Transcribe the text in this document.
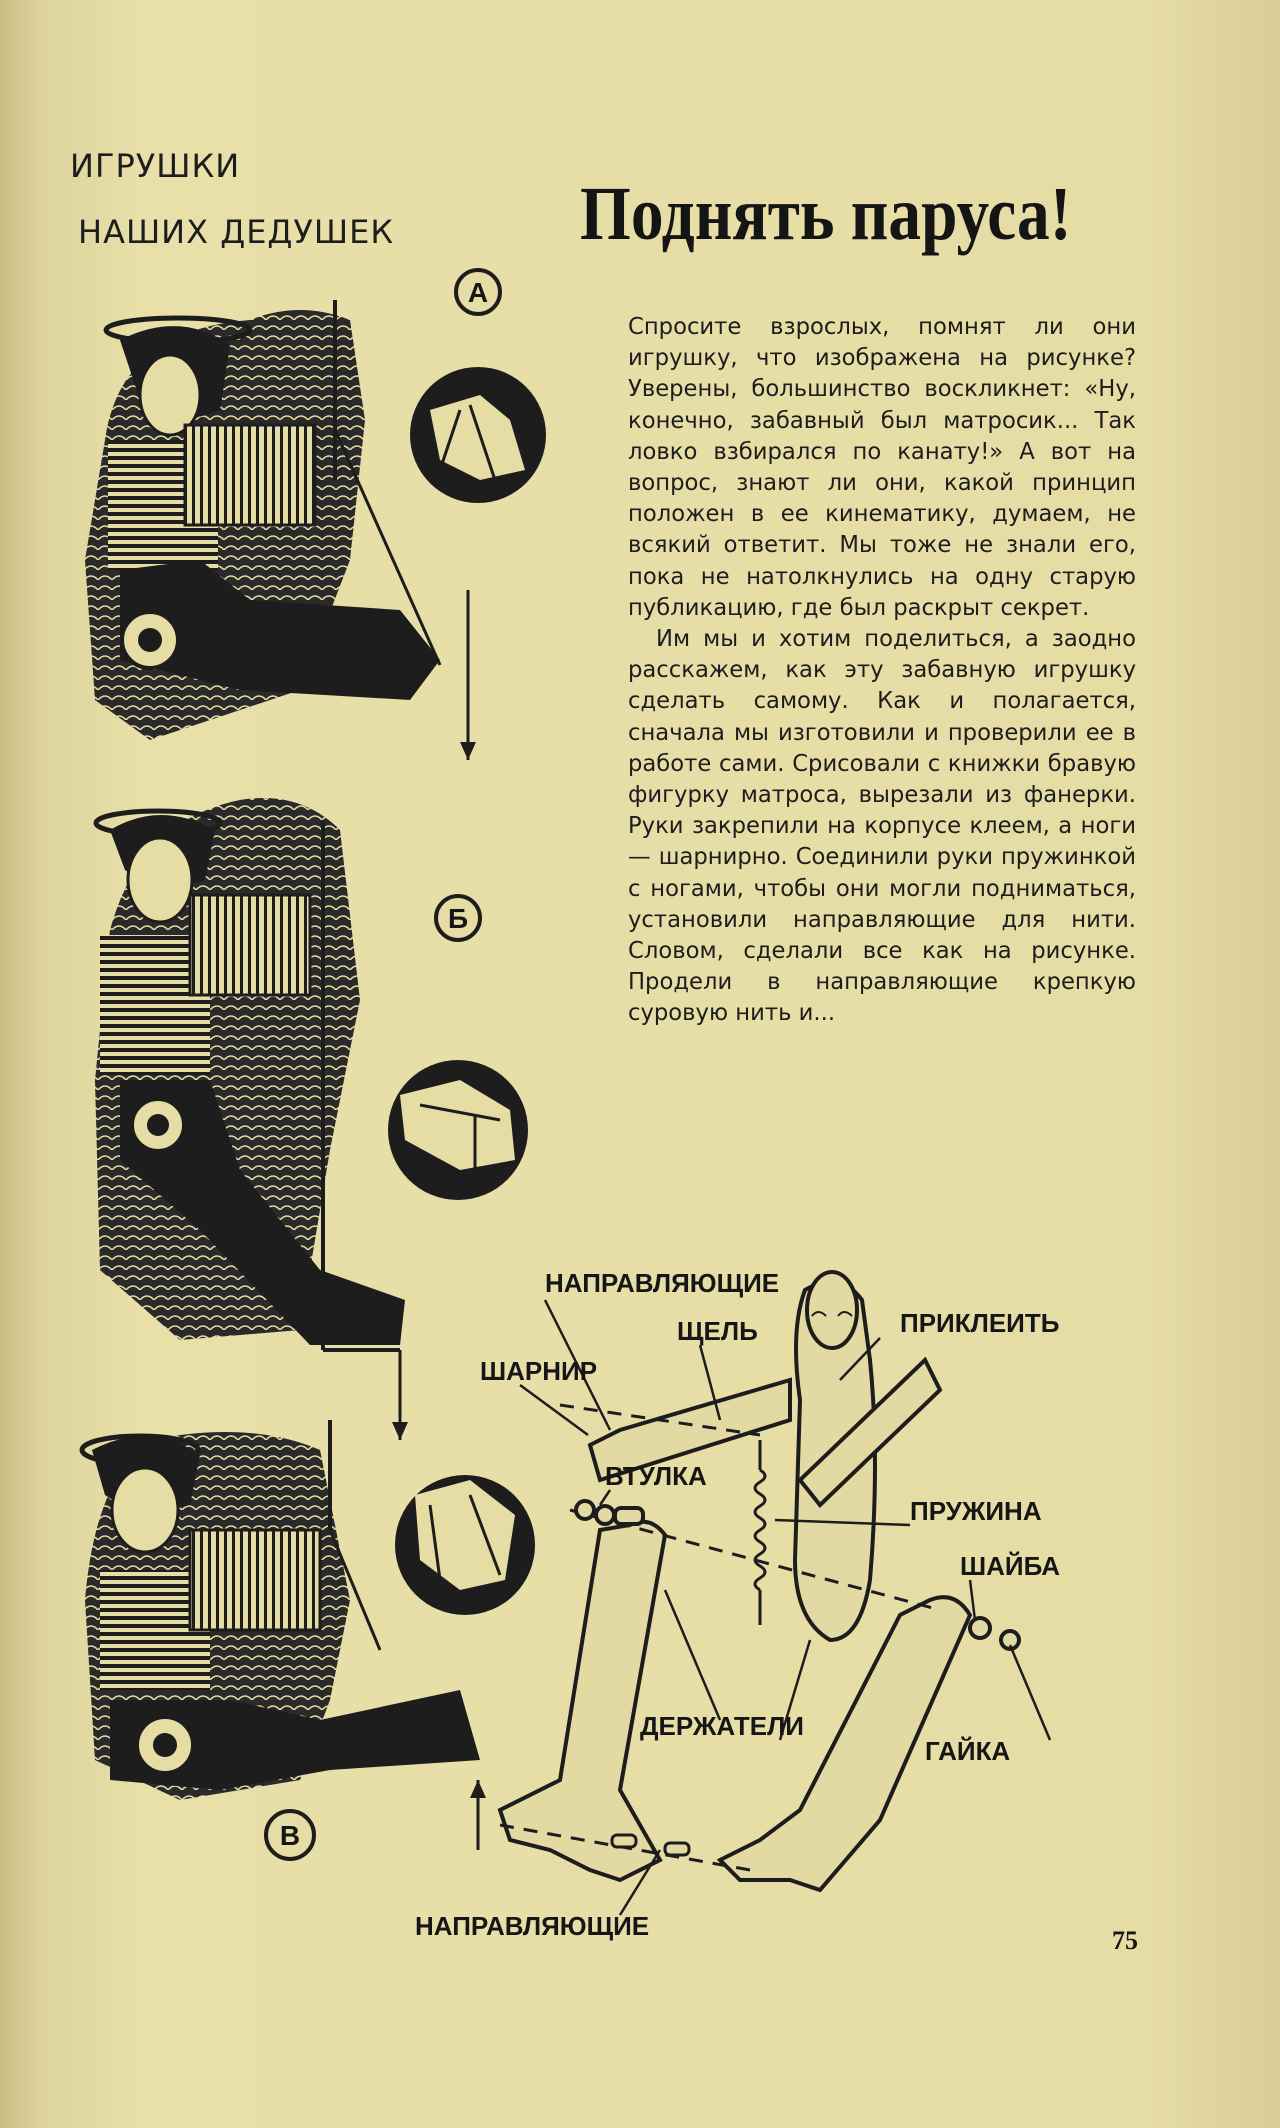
ИГРУШКИ
НАШИХ ДЕДУШЕК Поднять паруса!

Спросите взрослых, помнят ли они игрушку, что изображена на рисунке? Уверены, большинство воскликнет: «Ну, конечно, забавный был матросик... Так ловко взбирался по канату!» А вот на вопрос, знают ли они, какой принцип положен в ее кинематику, думаем, не всякий ответит. Мы тоже не знали его, пока не натолкнулись на одну старую публикацию, где был раскрыт секрет.

Им мы и хотим поделиться, а заодно расскажем, как эту забавную игрушку сделать самому. Как и полагается, сначала мы изготовили и проверили ее в работе сами. Срисовали с книжки бравую фигурку матроса, вырезали из фанерки. Руки закрепили на корпусе клеем, а ноги — шарнирно. Соединили руки пружинкой с ногами, чтобы они могли подниматься, установили направляющие для нити. Словом, сделали все как на рисунке. Продели в направляющие крепкую суровую нить и...

А
Б
В
НАПРАВЛЯЮЩИЕ
ЩЕЛЬ	ПРИКЛЕИТЬ
ШАРНИР
ВТУЛКА
ПРУЖИНА
ШАЙБА
ДЕРЖАТЕЛИ
ГАЙКА
НАПРАВЛЯЮЩИЕ	75
